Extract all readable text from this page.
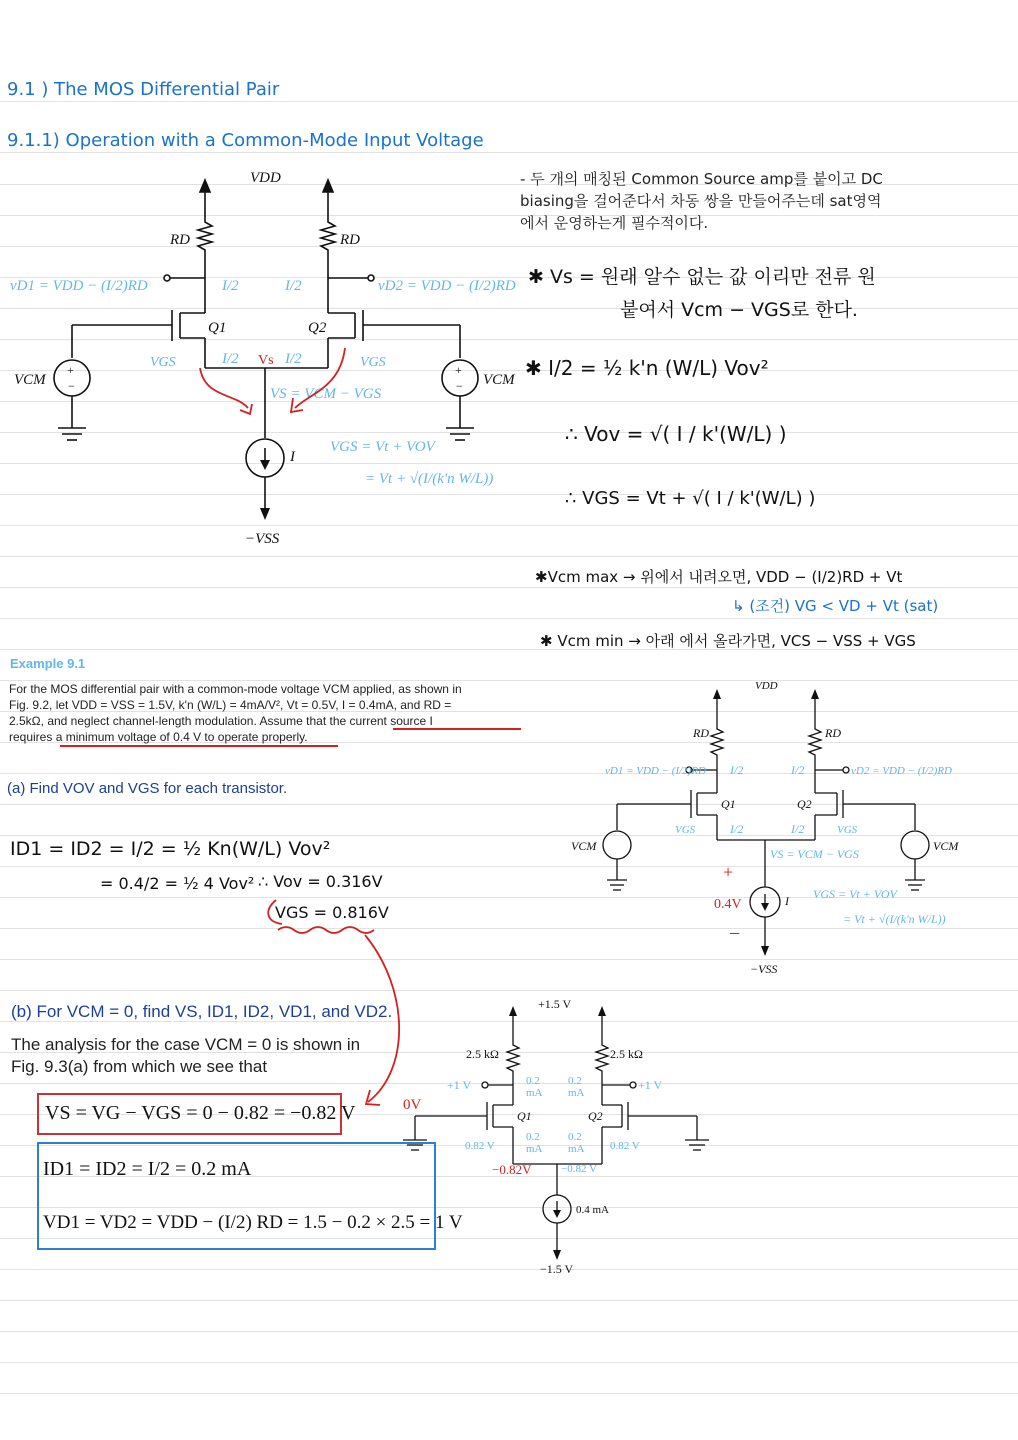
9.1 ) The MOS Differential Pair
9.1.1) Operation with a Common-Mode Input Voltage
+
−
+
−
VDD
RD	RD
vD1 = VDD − (I/2)RD	vD2 = VDD − (I/2)RD
I/2	I/2
Q1	Q2
VGS	VGS
I/2	I/2
Vs
VCM	VCM
VS = VCM − VGS
I
VGS = Vt + VOV
= Vt + √(I/(k'n W/L))
−VSS
- 두 개의 매칭된 Common Source amp를 붙이고 DC
biasing을 걸어준다서 차동 쌍을 만들어주는데 sat영역
에서 운영하는게 필수적이다.
✱ Vs = 원래 알수 없는 값 이리만 전류 원
붙여서 Vcm − VGS로 한다.
✱ I/2 = ½ k'n (W/L) Vov²
∴ Vov = √( I / k'(W/L) )
∴ VGS = Vt + √( I / k'(W/L) )
✱Vcm max → 위에서 내려오면, VDD − (I/2)RD + Vt
↳ (조건) VG < VD + Vt (sat)
✱ Vcm min → 아래 에서 올라가면, VCS − VSS + VGS
Example 9.1
For the MOS differential pair with a common-mode voltage VCM applied, as shown in
Fig. 9.2, let VDD = VSS = 1.5V, k'n (W/L) = 4mA/V², Vt = 0.5V, I = 0.4mA, and RD =
2.5kΩ, and neglect channel-length modulation. Assume that the current source I
requires a minimum voltage of 0.4 V to operate properly.
(a) Find VOV and VGS for each transistor.
ID1 = ID2 = I/2 = ½ Kn(W/L) Vov²
= 0.4/2 = ½ 4 Vov² ∴ Vov = 0.316V
VGS = 0.816V
VDD
RD	RD
vD1 = VDD − (I/2)RD	vD2 = VDD − (I/2)RD
I/2	I/2
Q1	Q2
VGS	VGS
I/2	I/2
VCM	VCM
VS = VCM − VGS
I VGS = Vt + VOV
= Vt + √(I/(k'n W/L))
−VSS
+
0.4V
−
(b) For VCM = 0, find VS, ID1, ID2, VD1, and VD2.
The analysis for the case VCM = 0 is shown in
Fig. 9.3(a) from which we see that
VS = VG − VGS = 0 − 0.82 = −0.82 V
ID1 = ID2 = I/2 = 0.2 mA
VD1 = VD2 = VDD − (I/2) RD = 1.5 − 0.2 × 2.5 = 1 V
+1.5 V
2.5 kΩ	2.5 kΩ
+1 V	+1 V
0.2
mA
0.2
mA
Q1	Q2
0.2
mA
0.2
mA
0.82 V	0.82 V
−0.82 V
0.4 mA
−1.5 V
0V
−0.82V
